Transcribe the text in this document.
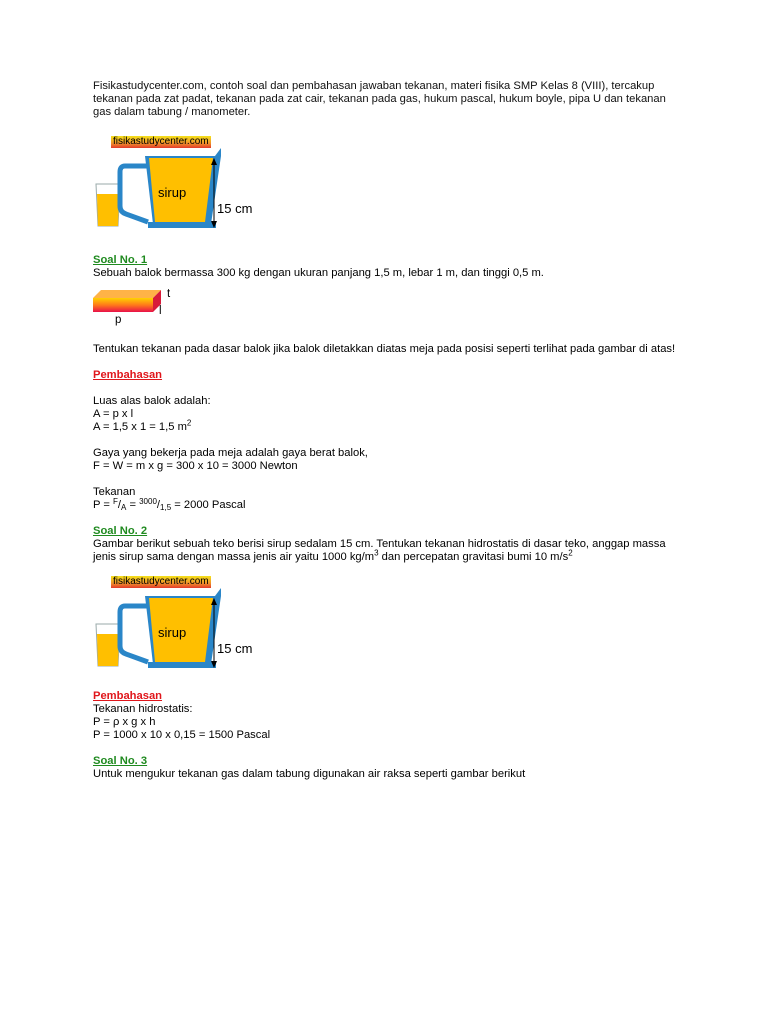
Fisikastudycenter.com, contoh soal dan pembahasan jawaban tekanan, materi fisika SMP Kelas 8 (VIII), tercakup tekanan pada zat padat, tekanan pada zat cair, tekanan pada gas, hukum pascal, hukum boyle, pipa U dan tekanan gas dalam tabung / manometer.

fisikastudycenter.com
sirup
15 cm

Soal No. 1

Sebuah balok bermassa 300 kg dengan ukuran panjang 1,5 m, lebar 1 m, dan tinggi 0,5 m.

t
l
p

Tentukan tekanan pada dasar balok jika balok diletakkan diatas meja pada posisi seperti terlihat pada gambar di atas!

Pembahasan

Luas alas balok adalah:

A = p x l

A = 1,5 x 1 = 1,5 $m^2$

Gaya yang bekerja pada meja adalah gaya berat balok,

F = W = m x g = 300 x 10 = 3000 Newton

Tekanan

$P = ^F/_A = ^{3000}/_{1,5} = 2000$ Pascal

Soal No. 2

Gambar berikut sebuah teko berisi sirup sedalam 15 cm. Tentukan tekanan hidrostatis di dasar teko, anggap massa jenis sirup sama dengan massa jenis air yaitu 1000 $kg/m^3$ dan percepatan gravitasi bumi 10 $m/s^2$

fisikastudycenter.com
sirup
15 cm

Pembahasan

Tekanan hidrostatis:

P = ρ x g x h

P = 1000 x 10 x 0,15 = 1500 Pascal

Soal No. 3

Untuk mengukur tekanan gas dalam tabung digunakan air raksa seperti gambar berikut
